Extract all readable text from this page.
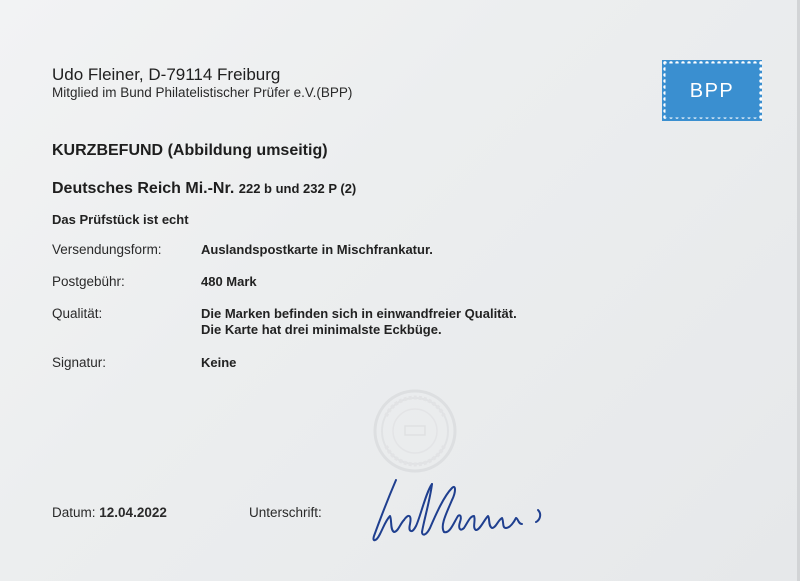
Udo Fleiner, D-79114 Freiburg
Mitglied im Bund Philatelistischer Prüfer e.V.(BPP)	BPP
KURZBEFUND (Abbildung umseitig)
Deutsches Reich Mi.-Nr. 222 b und 232 P (2)
Das Prüfstück ist echt
Versendungsform:	Auslandspostkarte in Mischfrankatur.
Postgebühr:	480 Mark
Qualität:	Die Marken befinden sich in einwandfreier Qualität.
Die Karte hat drei minimalste Eckbüge.
Signatur:	Keine
Datum: 12.04.2022	Unterschrift:
